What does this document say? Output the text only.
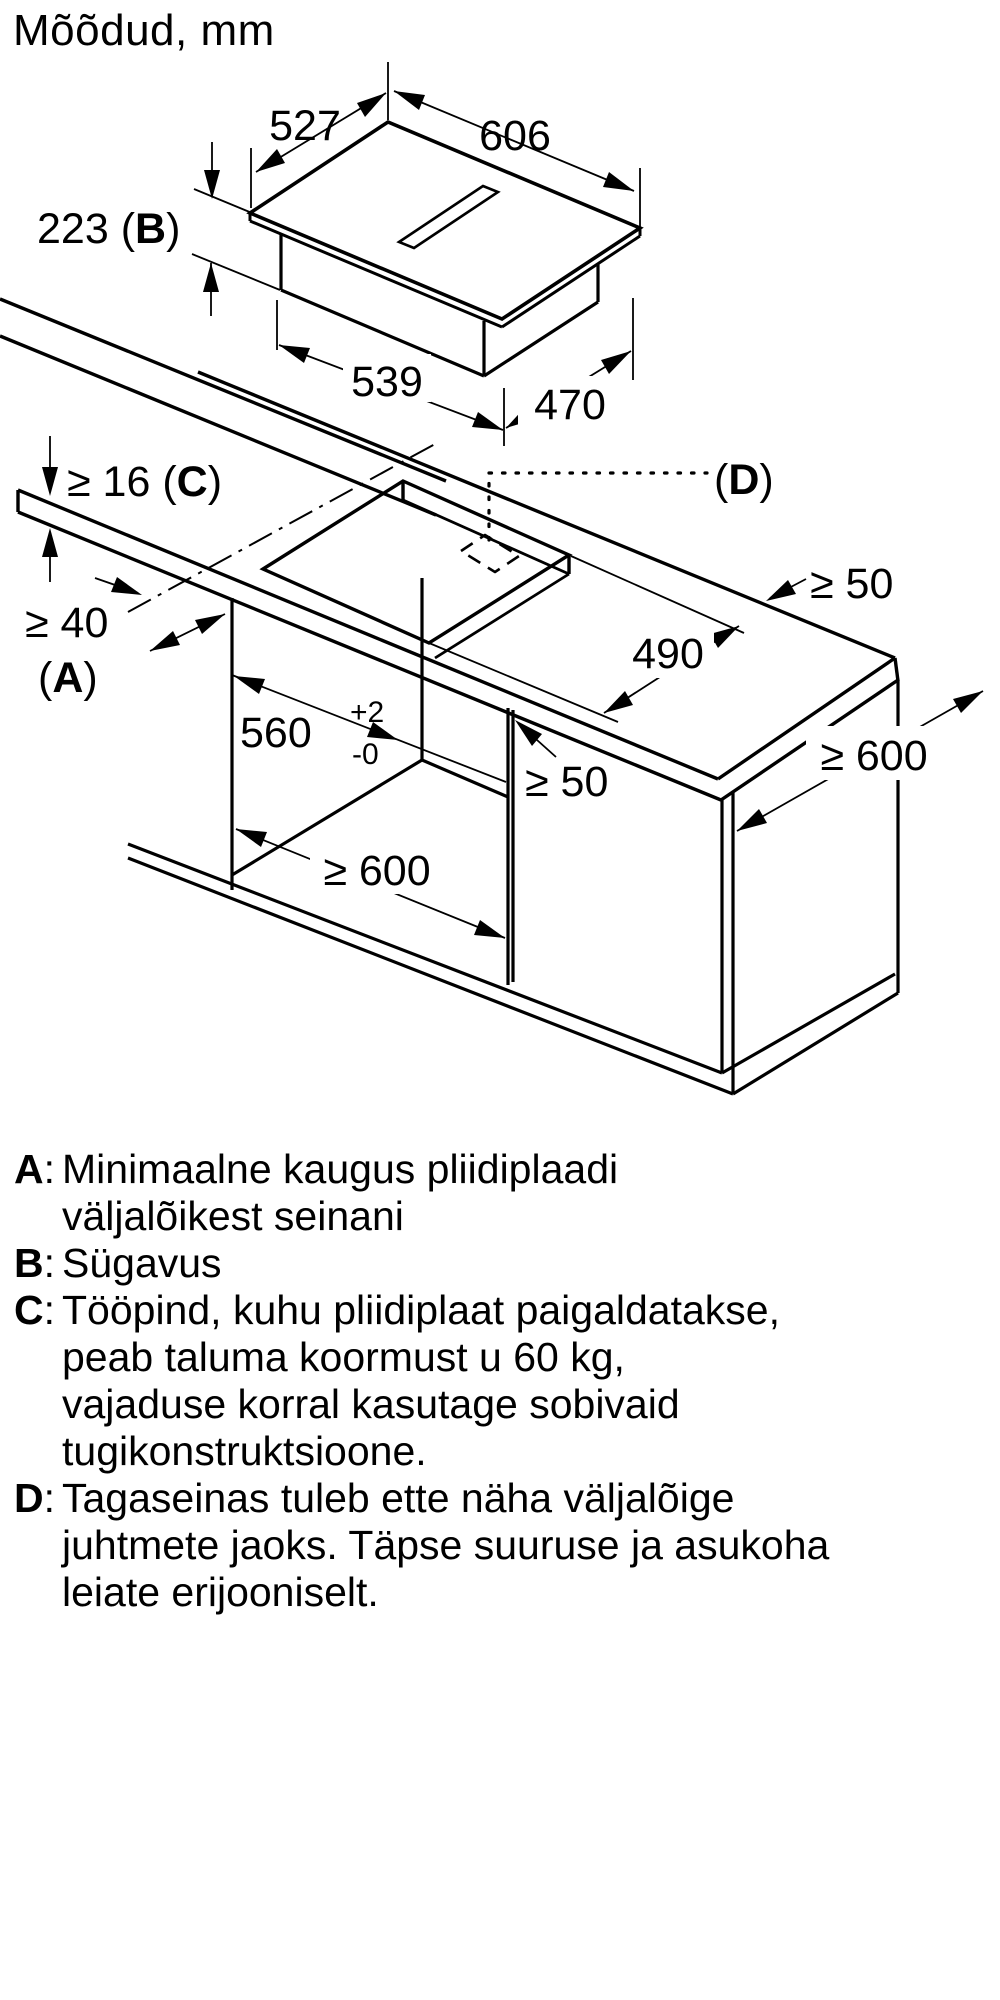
Mõõdud, mm
527	606
223 (B)
539	470
≥ 16 (C)	(D)
≥ 50
490
≥ 40
(A)
560 +2
-0
≥ 50
≥ 600
≥ 600
A:Minimaalne kaugus pliidiplaadi
väljalõikest seinani
B:Sügavus
C:Tööpind, kuhu pliidiplaat paigaldatakse,
peab taluma koormust u 60 kg,
vajaduse korral kasutage sobivaid
tugikonstruktsioone.
D:Tagaseinas tuleb ette näha väljalõige
juhtmete jaoks. Täpse suuruse ja asukoha
leiate erijooniselt.
